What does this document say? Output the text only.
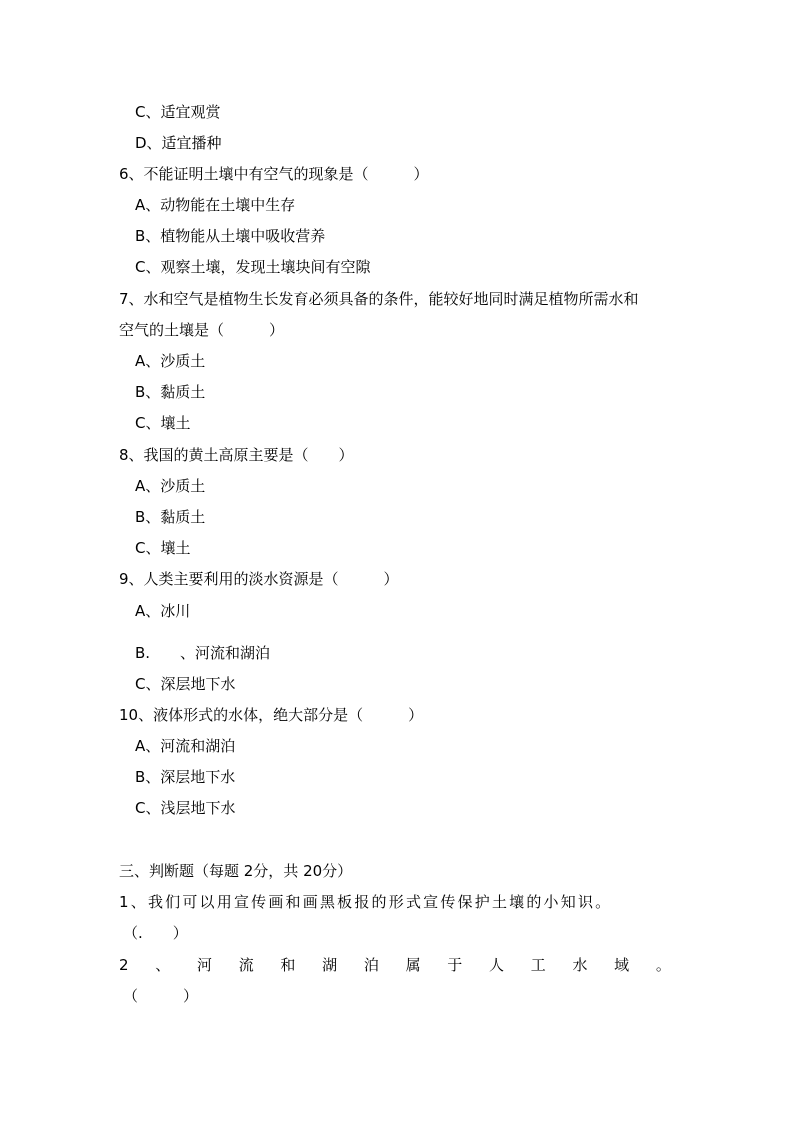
C、适宜观赏
D、适宜播种
6、不能证明土壤中有空气的现象是（　　　）
A、动物能在土壤中生存
B、植物能从土壤中吸收营养
C、观察土壤，发现土壤块间有空隙
7、水和空气是植物生长发育必须具备的条件，能较好地同时满足植物所需水和
空气的土壤是（　　　）
A、沙质土
B、黏质土
C、壤土
8、我国的黄土高原主要是（　　）
A、沙质土
B、黏质土
C、壤土
9、人类主要利用的淡水资源是（　　　）
A、冰川
B.　　、河流和湖泊
C、深层地下水
10、液体形式的水体，绝大部分是（　　　）
A、河流和湖泊
B、深层地下水
C、浅层地下水
三、判断题（每题 2分，共 20分）
1、我们可以用宣传画和画黑板报的形式宣传保护土壤的小知识。
（.　　）
2 、 河 流 和 湖 泊 属 于 人 工 水 域 。
（　　　）
